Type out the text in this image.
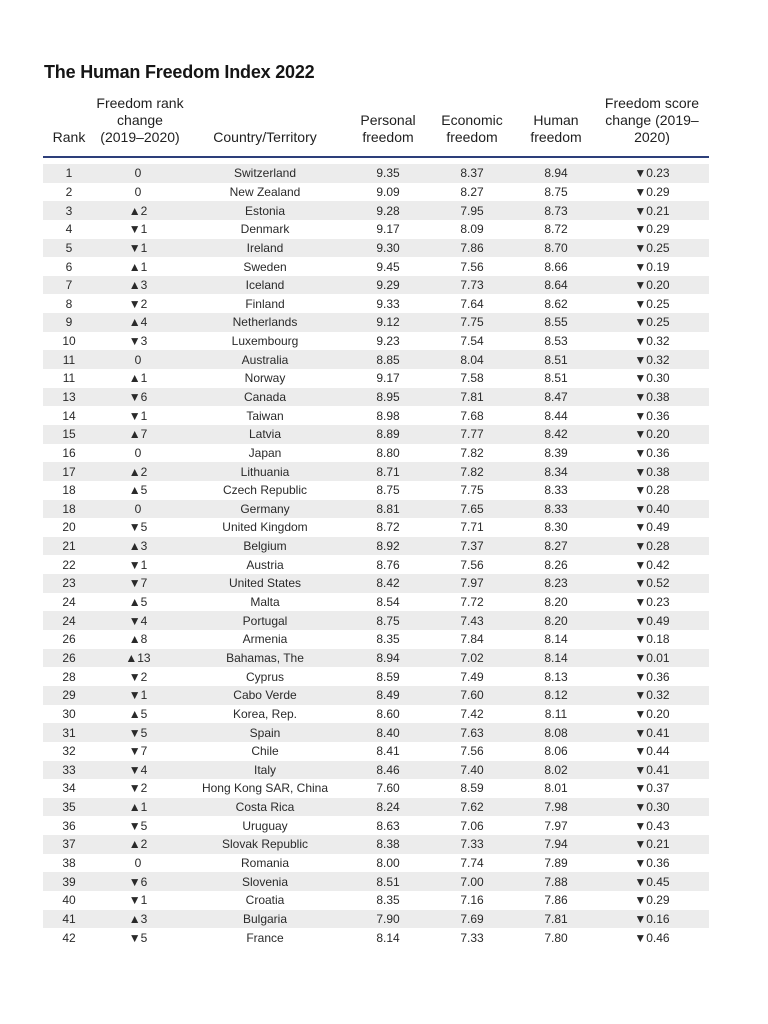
The Human Freedom Index 2022
Rank	Freedom rank change (2019–2020)	Country/Territory	Personal freedom	Economic freedom	Human freedom	Freedom score change (2019–2020)

1	0	Switzerland	9.35	8.37	8.94	▼0.23
2	0	New Zealand	9.09	8.27	8.75	▼0.29
3	▲2	Estonia	9.28	7.95	8.73	▼0.21
4	▼1	Denmark	9.17	8.09	8.72	▼0.29
5	▼1	Ireland	9.30	7.86	8.70	▼0.25
6	▲1	Sweden	9.45	7.56	8.66	▼0.19
7	▲3	Iceland	9.29	7.73	8.64	▼0.20
8	▼2	Finland	9.33	7.64	8.62	▼0.25
9	▲4	Netherlands	9.12	7.75	8.55	▼0.25
10	▼3	Luxembourg	9.23	7.54	8.53	▼0.32
11	0	Australia	8.85	8.04	8.51	▼0.32
11	▲1	Norway	9.17	7.58	8.51	▼0.30
13	▼6	Canada	8.95	7.81	8.47	▼0.38
14	▼1	Taiwan	8.98	7.68	8.44	▼0.36
15	▲7	Latvia	8.89	7.77	8.42	▼0.20
16	0	Japan	8.80	7.82	8.39	▼0.36
17	▲2	Lithuania	8.71	7.82	8.34	▼0.38
18	▲5	Czech Republic	8.75	7.75	8.33	▼0.28
18	0	Germany	8.81	7.65	8.33	▼0.40
20	▼5	United Kingdom	8.72	7.71	8.30	▼0.49
21	▲3	Belgium	8.92	7.37	8.27	▼0.28
22	▼1	Austria	8.76	7.56	8.26	▼0.42
23	▼7	United States	8.42	7.97	8.23	▼0.52
24	▲5	Malta	8.54	7.72	8.20	▼0.23
24	▼4	Portugal	8.75	7.43	8.20	▼0.49
26	▲8	Armenia	8.35	7.84	8.14	▼0.18
26	▲13	Bahamas, The	8.94	7.02	8.14	▼0.01
28	▼2	Cyprus	8.59	7.49	8.13	▼0.36
29	▼1	Cabo Verde	8.49	7.60	8.12	▼0.32
30	▲5	Korea, Rep.	8.60	7.42	8.11	▼0.20
31	▼5	Spain	8.40	7.63	8.08	▼0.41
32	▼7	Chile	8.41	7.56	8.06	▼0.44
33	▼4	Italy	8.46	7.40	8.02	▼0.41
34	▼2	Hong Kong SAR, China	7.60	8.59	8.01	▼0.37
35	▲1	Costa Rica	8.24	7.62	7.98	▼0.30
36	▼5	Uruguay	8.63	7.06	7.97	▼0.43
37	▲2	Slovak Republic	8.38	7.33	7.94	▼0.21
38	0	Romania	8.00	7.74	7.89	▼0.36
39	▼6	Slovenia	8.51	7.00	7.88	▼0.45
40	▼1	Croatia	8.35	7.16	7.86	▼0.29
41	▲3	Bulgaria	7.90	7.69	7.81	▼0.16
42	▼5	France	8.14	7.33	7.80	▼0.46
